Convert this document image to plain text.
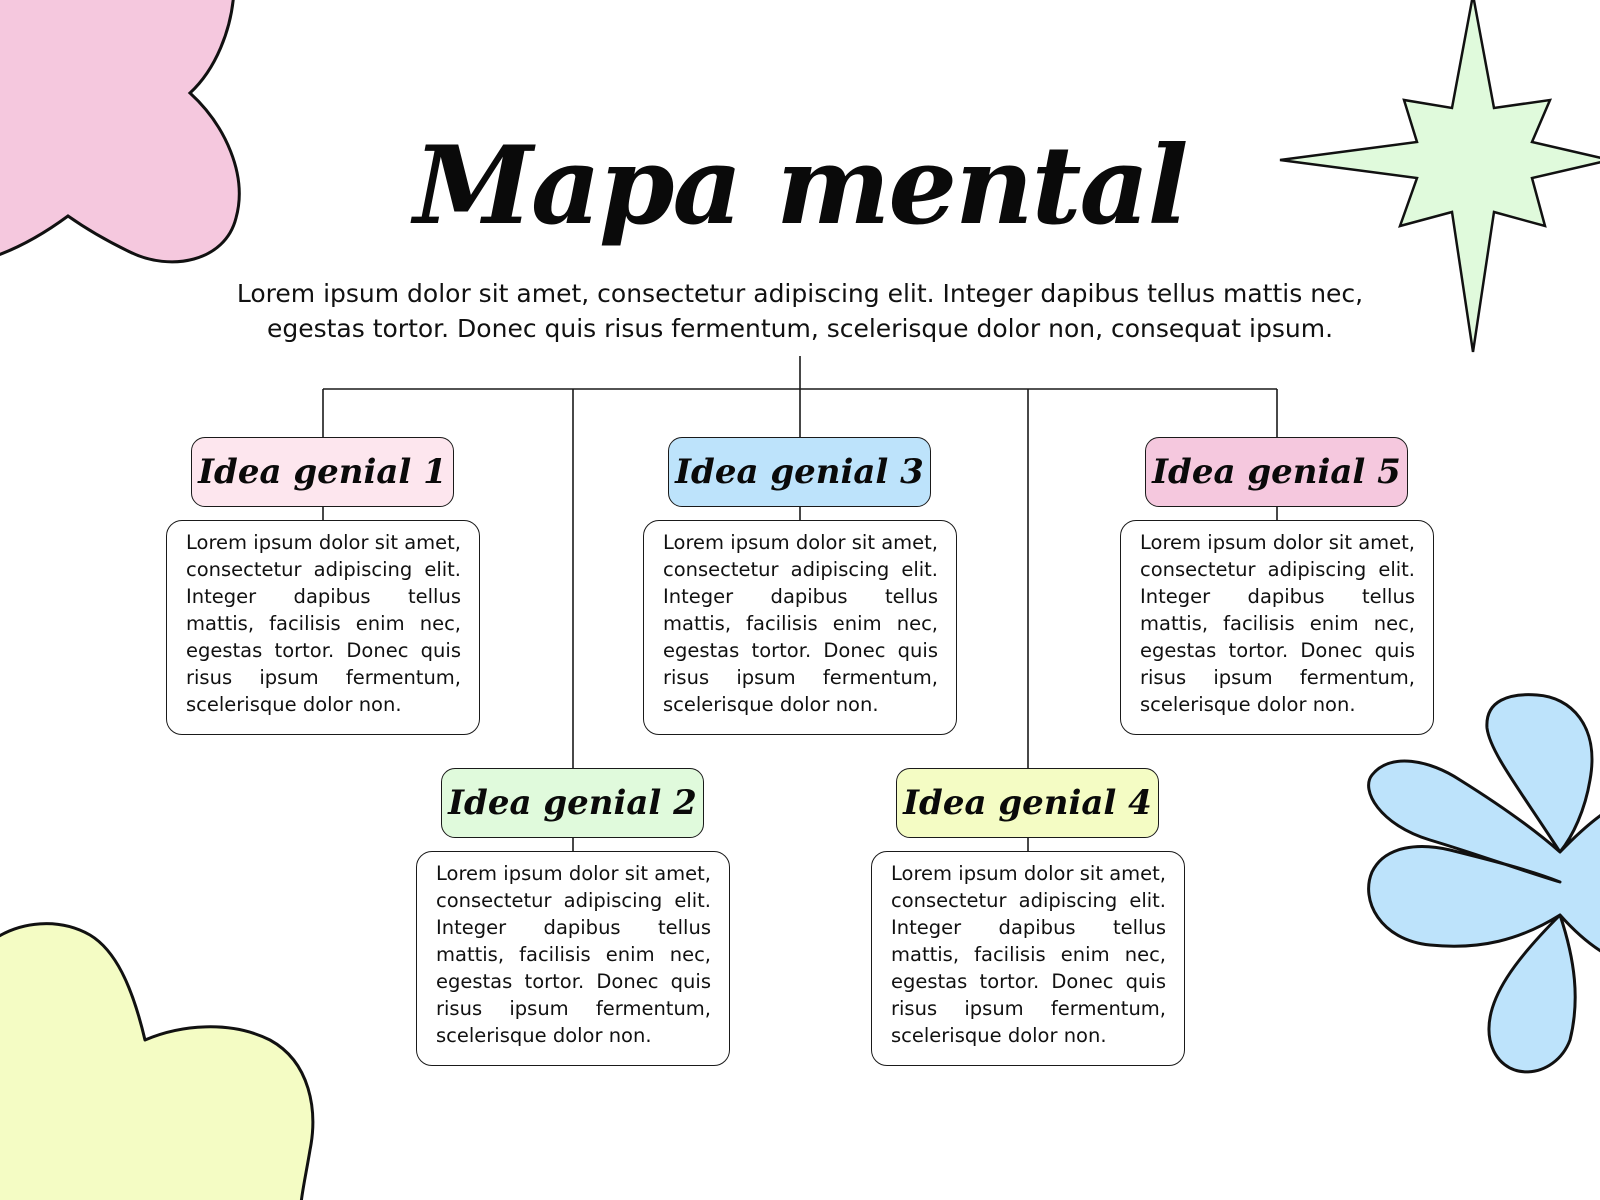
Mapa mental
Lorem ipsum dolor sit amet, consectetur adipiscing elit. Integer dapibus tellus mattis nec, egestas tortor. Donec quis risus fermentum, scelerisque dolor non, consequat ipsum.
Idea genial 1
Lorem ipsum dolor sit amet, consectetur adipiscing elit. Integer dapibus tellus mattis, facilisis enim nec, egestas tortor. Donec quis risus ipsum fermentum, scelerisque dolor non.
Idea genial 2
Lorem ipsum dolor sit amet, consectetur adipiscing elit. Integer dapibus tellus mattis, facilisis enim nec, egestas tortor. Donec quis risus ipsum fermentum, scelerisque dolor non.
Idea genial 3
Lorem ipsum dolor sit amet, consectetur adipiscing elit. Integer dapibus tellus mattis, facilisis enim nec, egestas tortor. Donec quis risus ipsum fermentum, scelerisque dolor non.
Idea genial 4
Lorem ipsum dolor sit amet, consectetur adipiscing elit. Integer dapibus tellus mattis, facilisis enim nec, egestas tortor. Donec quis risus ipsum fermentum, scelerisque dolor non.
Idea genial 5
Lorem ipsum dolor sit amet, consectetur adipiscing elit. Integer dapibus tellus mattis, facilisis enim nec, egestas tortor. Donec quis risus ipsum fermentum, scelerisque dolor non.
